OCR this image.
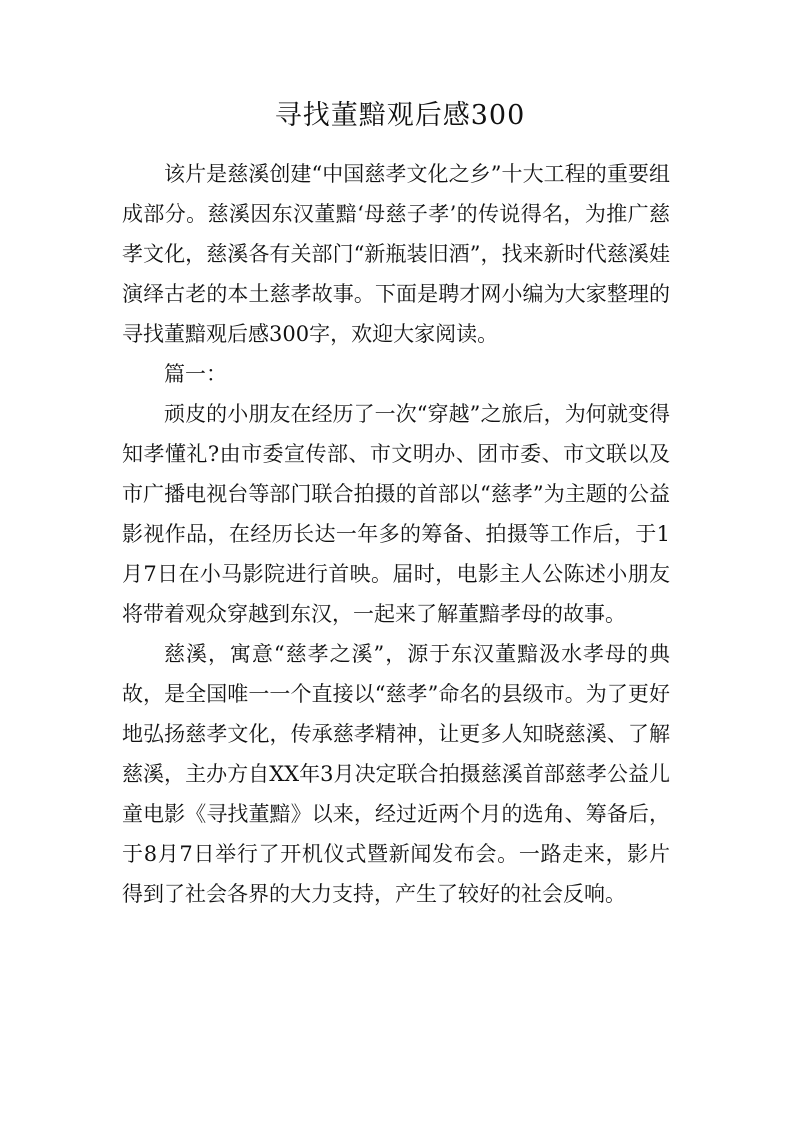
寻找董黯观后感300

该片是慈溪创建“中国慈孝文化之乡”十大工程的重要组成部分。慈溪因东汉董黯‘母慈子孝’的传说得名，为推广慈孝文化，慈溪各有关部门“新瓶装旧酒”，找来新时代慈溪娃演绎古老的本土慈孝故事。下面是聘才网小编为大家整理的寻找董黯观后感300字，欢迎大家阅读。

篇一：

顽皮的小朋友在经历了一次“穿越”之旅后，为何就变得知孝懂礼?由市委宣传部、市文明办、团市委、市文联以及市广播电视台等部门联合拍摄的首部以“慈孝”为主题的公益影视作品，在经历长达一年多的筹备、拍摄等工作后，于1月7日在小马影院进行首映。届时，电影主人公陈述小朋友将带着观众穿越到东汉，一起来了解董黯孝母的故事。

慈溪，寓意“慈孝之溪”，源于东汉董黯汲水孝母的典故，是全国唯一一个直接以“慈孝”命名的县级市。为了更好地弘扬慈孝文化，传承慈孝精神，让更多人知晓慈溪、了解慈溪，主办方自XX年3月决定联合拍摄慈溪首部慈孝公益儿童电影《寻找董黯》以来，经过近两个月的选角、筹备后，于8月7日举行了开机仪式暨新闻发布会。一路走来，影片得到了社会各界的大力支持，产生了较好的社会反响。
